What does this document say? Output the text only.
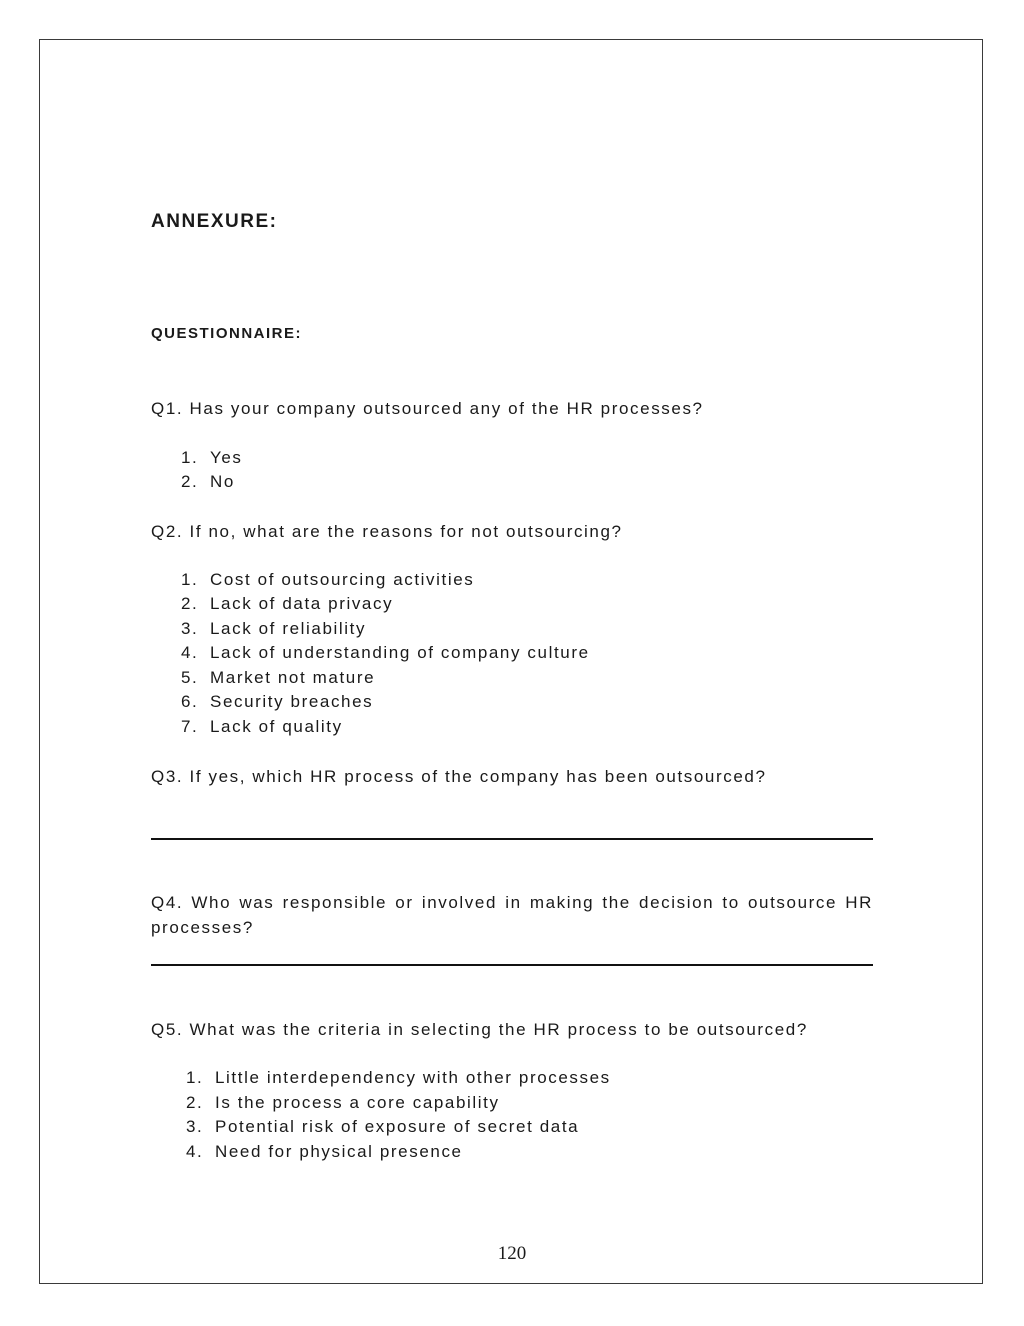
ANNEXURE:
QUESTIONNAIRE:

Q1. Has your company outsourced any of the HR processes?

1. Yes

2. No

Q2. If no, what are the reasons for not outsourcing?

1. Cost of outsourcing activities

2. Lack of data privacy

3. Lack of reliability

4. Lack of understanding of company culture

5. Market not mature

6. Security breaches

7. Lack of quality

Q3. If yes, which HR process of the company has been outsourced?

Q4. Who was responsible or involved in making the decision to outsource HR processes?

Q5. What was the criteria in selecting the HR process to be outsourced?

1. Little interdependency with other processes

2. Is the process a core capability

3. Potential risk of exposure of secret data

4. Need for physical presence

120
